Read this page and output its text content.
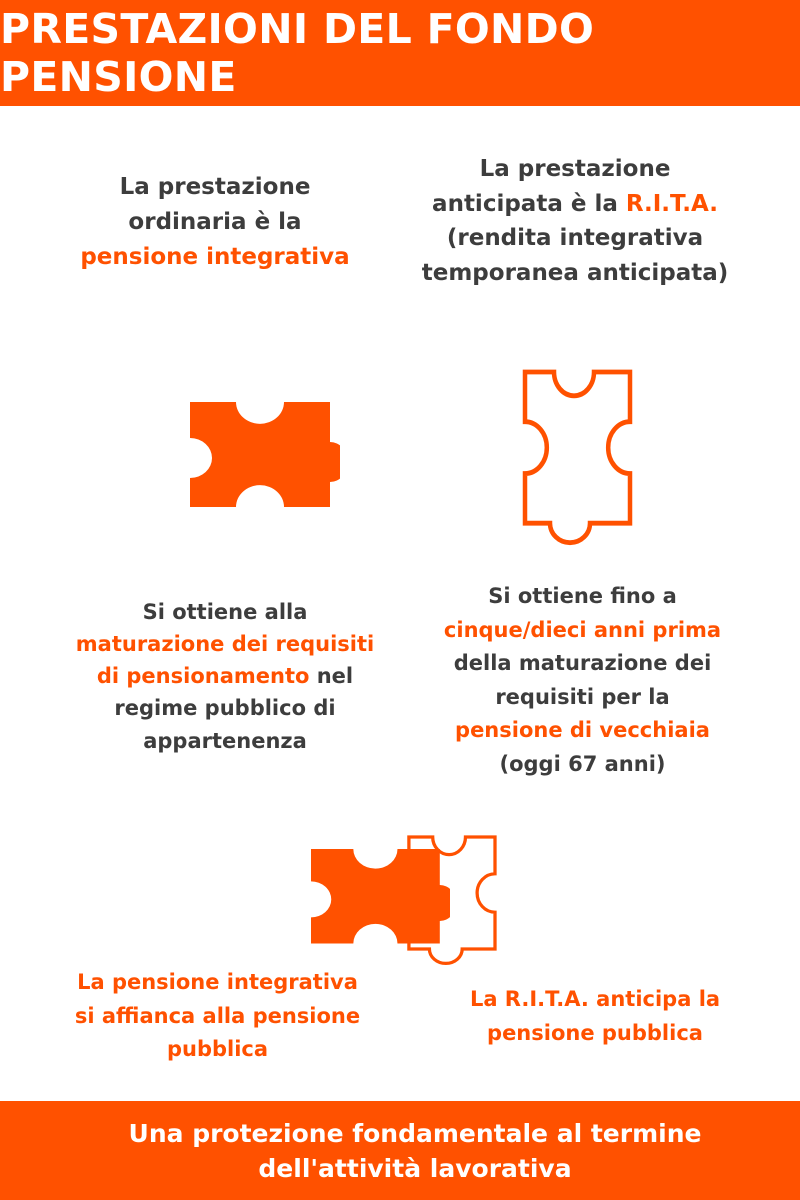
PRESTAZIONI DEL FONDO PENSIONE
La prestazione
ordinaria è la
pensione integrativa
La prestazione
anticipata è la R.I.T.A.
(rendita integrativa
temporanea anticipata)
Si ottiene alla
maturazione dei requisiti
di pensionamento nel
regime pubblico di
appartenenza
Si ottiene fino a
cinque/dieci anni prima
della maturazione dei
requisiti per la
pensione di vecchiaia
(oggi 67 anni)
La pensione integrativa
si affianca alla pensione
pubblica
La R.I.T.A. anticipa la
pensione pubblica

Una protezione fondamentale al termine
dell'attività lavorativa
